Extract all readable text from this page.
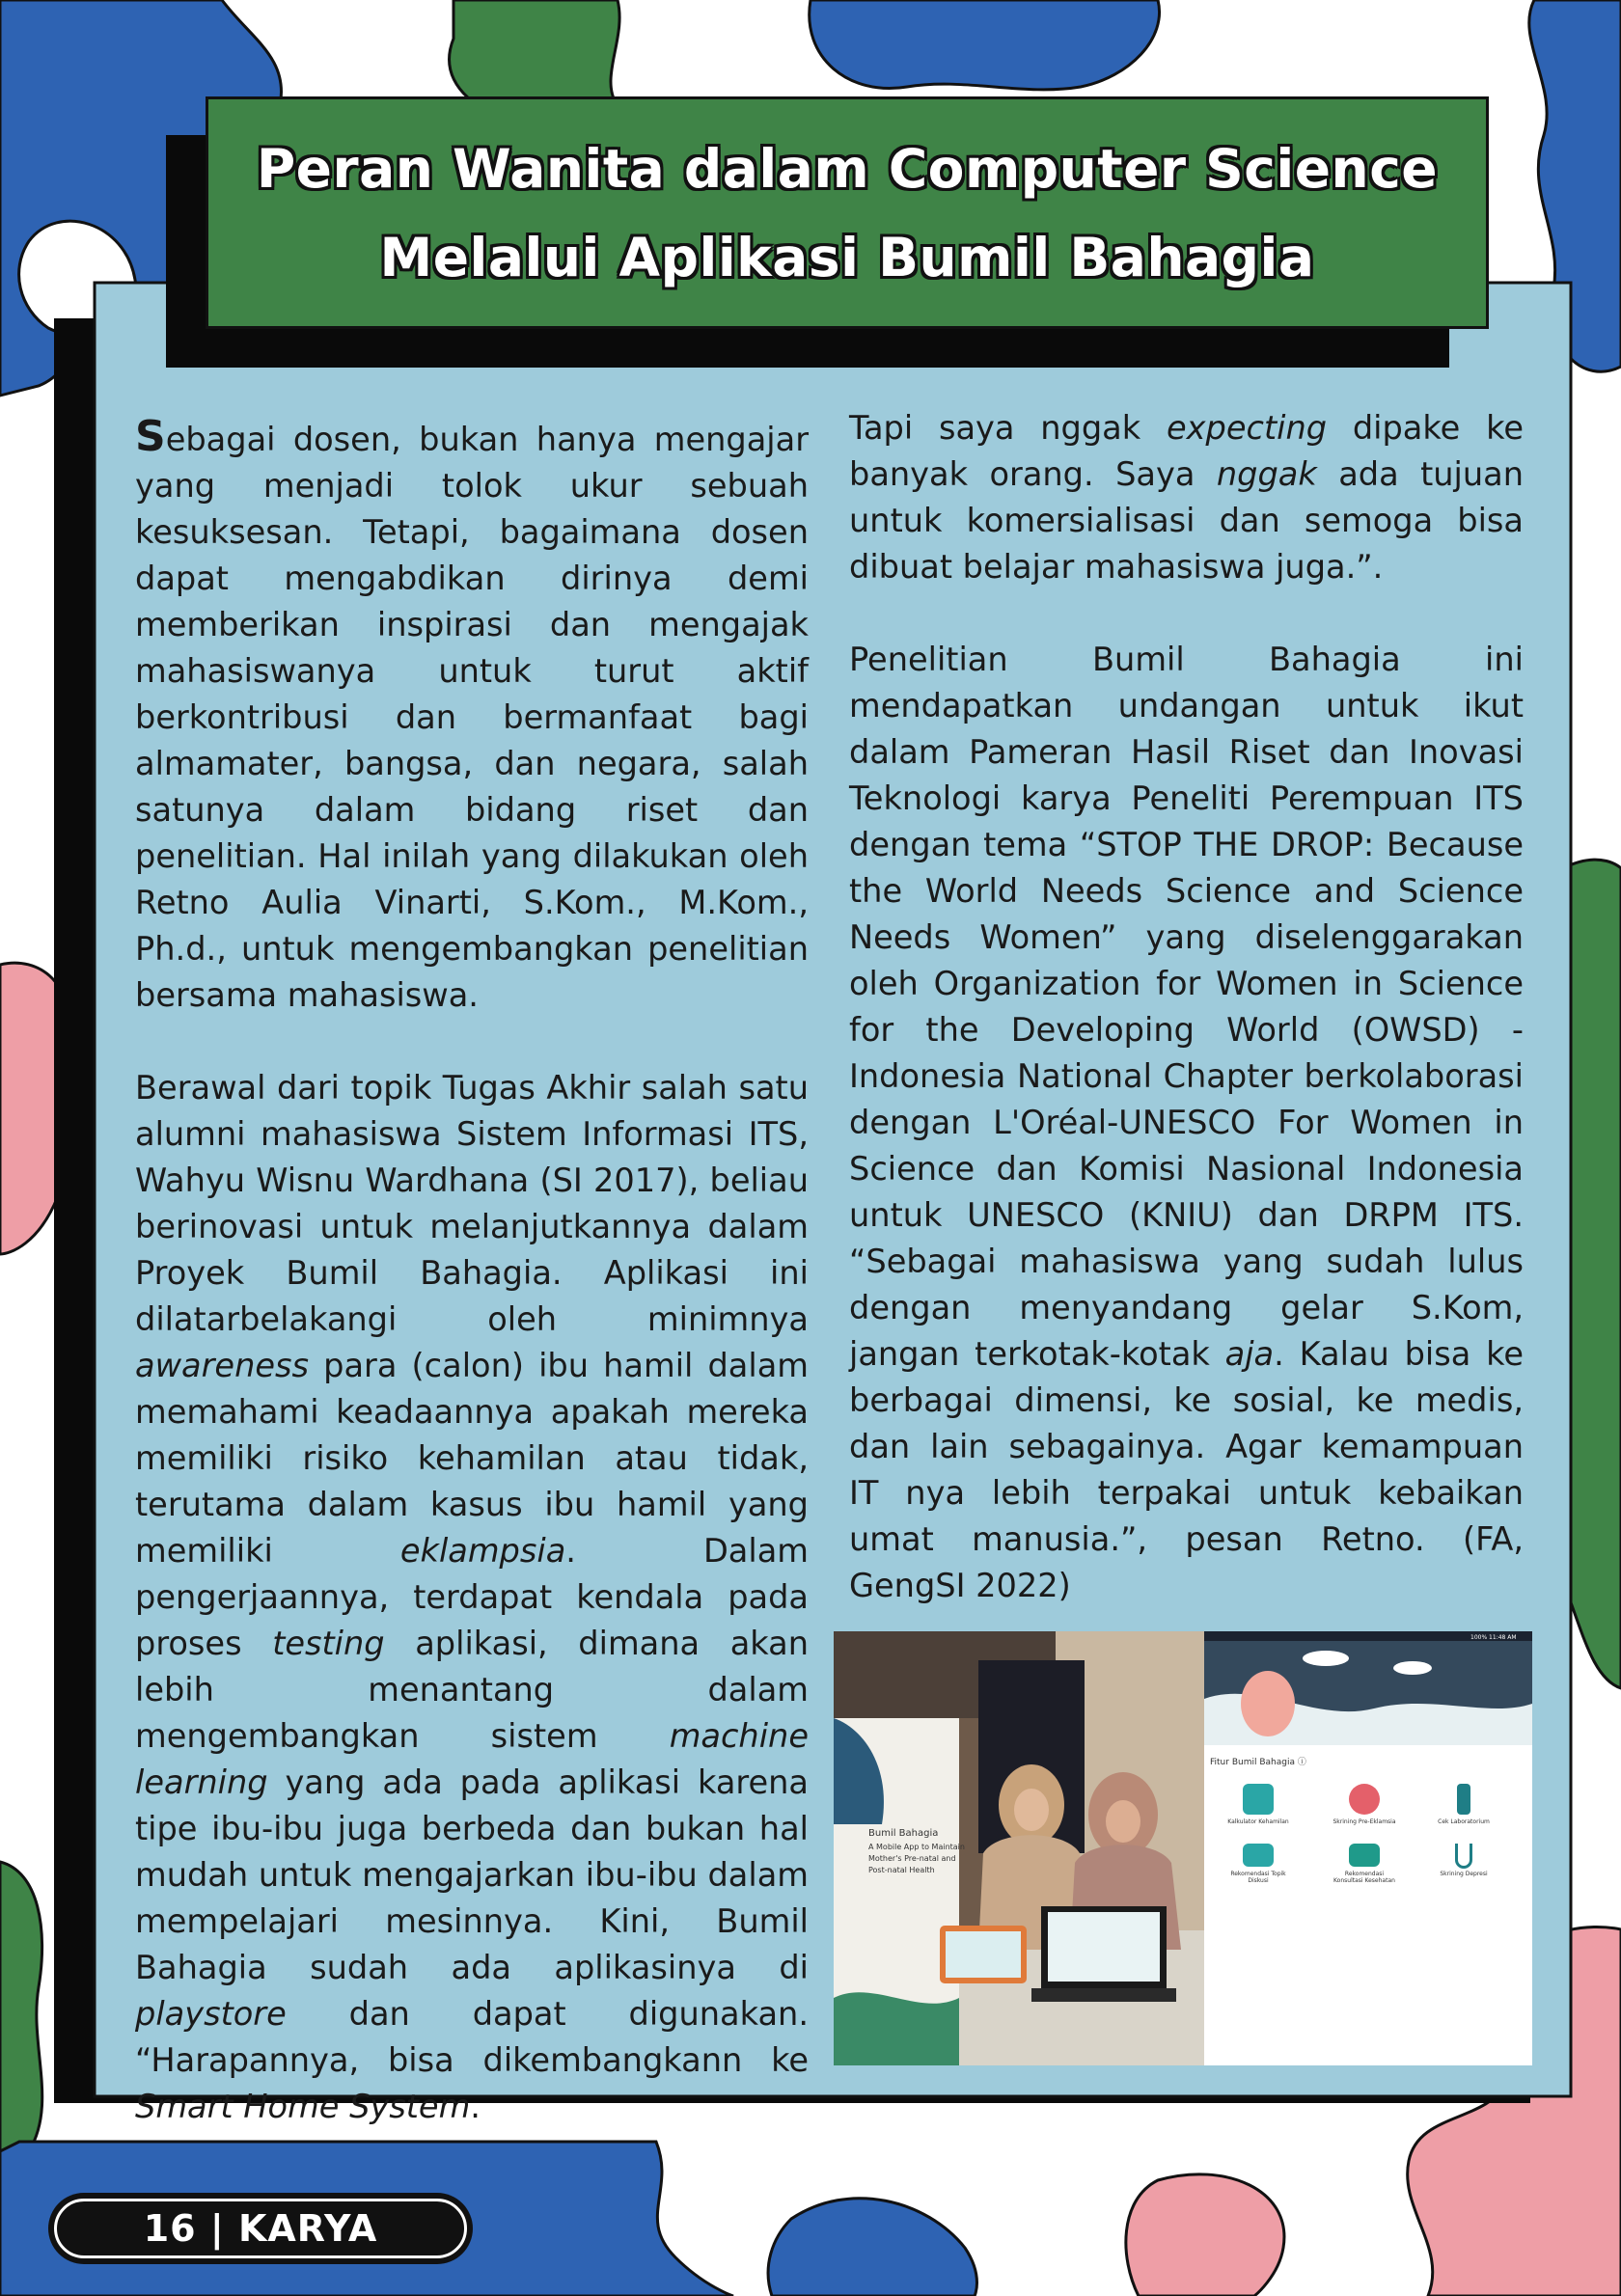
Peran Wanita dalam Computer Science
Melalui Aplikasi Bumil Bahagia

Sebagai dosen, bukan hanya mengajar yang menjadi tolok ukur sebuah kesuksesan. Tetapi, bagaimana dosen dapat mengabdikan dirinya demi memberikan inspirasi dan mengajak mahasiswanya untuk turut aktif berkontribusi dan bermanfaat bagi almamater, bangsa, dan negara, salah satunya dalam bidang riset dan penelitian. Hal inilah yang dilakukan oleh Retno Aulia Vinarti, S.Kom., M.Kom., Ph.d., untuk mengembangkan penelitian bersama mahasiswa.

Berawal dari topik Tugas Akhir salah satu alumni mahasiswa Sistem Informasi ITS, Wahyu Wisnu Wardhana (SI 2017), beliau berinovasi untuk melanjutkannya dalam Proyek Bumil Bahagia. Aplikasi ini dilatarbelakangi oleh minimnya awareness para (calon) ibu hamil dalam memahami keadaannya apakah mereka memiliki risiko kehamilan atau tidak, terutama dalam kasus ibu hamil yang memiliki eklampsia. Dalam pengerjaannya, terdapat kendala pada proses testing aplikasi, dimana akan lebih menantang dalam mengembangkan sistem machine learning yang ada pada aplikasi karena tipe ibu-ibu juga berbeda dan bukan hal mudah untuk mengajarkan ibu-ibu dalam mempelajari mesinnya. Kini, Bumil Bahagia sudah ada aplikasinya di playstore dan dapat digunakan. “Harapannya, bisa dikembangkann ke Smart Home System.

Tapi saya nggak expecting dipake ke banyak orang. Saya nggak ada tujuan untuk komersialisasi dan semoga bisa dibuat belajar mahasiswa juga.”.

Penelitian Bumil Bahagia ini mendapatkan undangan untuk ikut dalam Pameran Hasil Riset dan Inovasi Teknologi karya Peneliti Perempuan ITS dengan tema “STOP THE DROP: Because the World Needs Science and Science Needs Women” yang diselenggarakan oleh Organization for Women in Science for the Developing World (OWSD) - Indonesia National Chapter berkolaborasi dengan L'Oréal-UNESCO For Women in Science dan Komisi Nasional Indonesia untuk UNESCO (KNIU) dan DRPM ITS. “Sebagai mahasiswa yang sudah lulus dengan menyandang gelar S.Kom, jangan terkotak-kotak aja. Kalau bisa ke berbagai dimensi, ke sosial, ke medis, dan lain sebagainya. Agar kemampuan IT nya lebih terpakai untuk kebaikan umat manusia.”, pesan Retno. (FA, GengSI 2022)

Bumil Bahagia
A Mobile App to Maintain
Mother's Pre-natal and
Post-natal Health
100% 11:48 AM
Fitur Bumil Bahagia ⓘ
Kalkulator Kehamilan	Skrining Pre-Eklamsia	Cek Laboratorium
Rekomendasi Topik Diskusi
Rekomendasi Konsultasi Kesehatan
Skrining Depresi
16 | KARYA
